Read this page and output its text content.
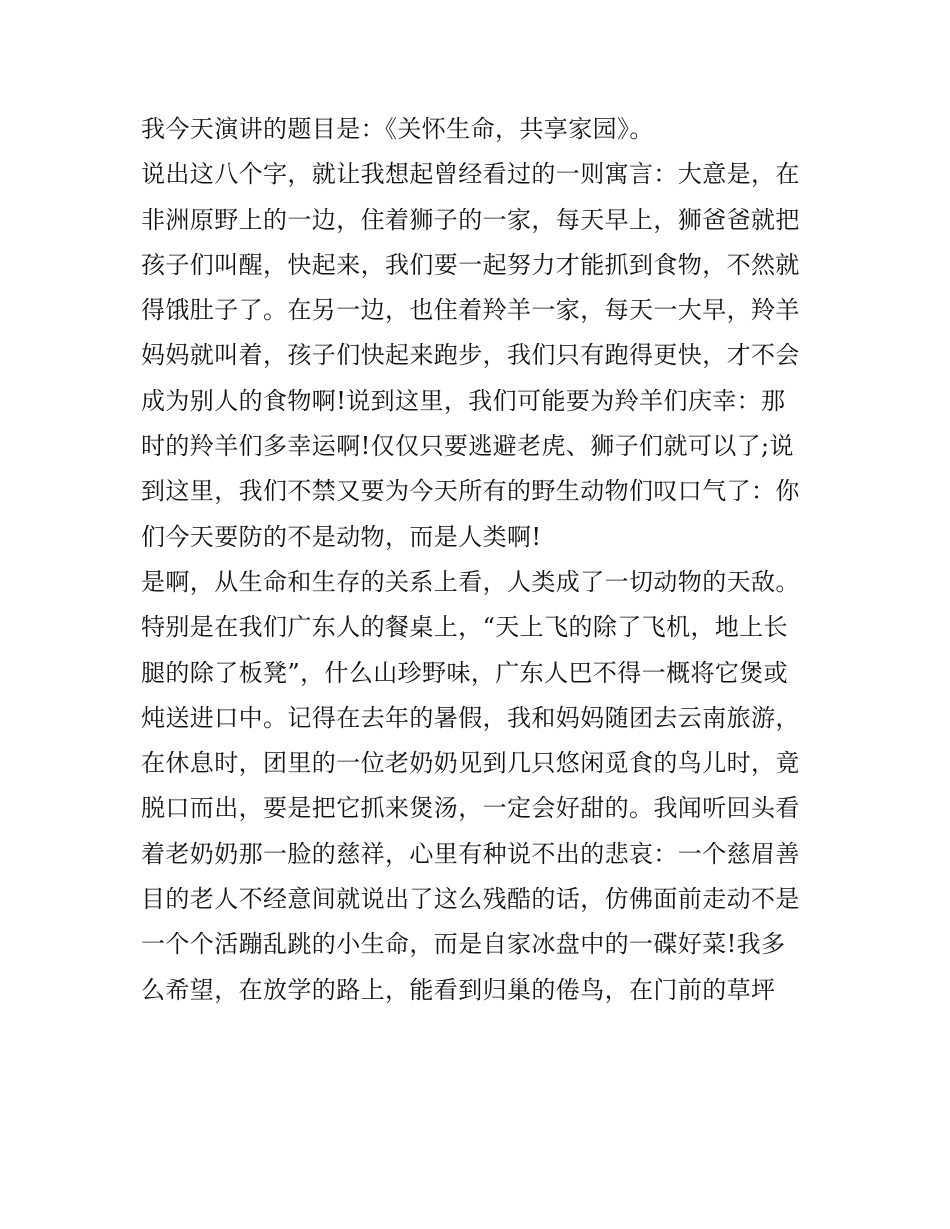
我今天演讲的题目是：《关怀生命，共享家园》。
说出这八个字，就让我想起曾经看过的一则寓言：大意是，在
非洲原野上的一边，住着狮子的一家，每天早上，狮爸爸就把
孩子们叫醒，快起来，我们要一起努力才能抓到食物，不然就
得饿肚子了。在另一边，也住着羚羊一家，每天一大早，羚羊
妈妈就叫着，孩子们快起来跑步，我们只有跑得更快，才不会
成为别人的食物啊!说到这里，我们可能要为羚羊们庆幸：那
时的羚羊们多幸运啊!仅仅只要逃避老虎、狮子们就可以了;说
到这里，我们不禁又要为今天所有的野生动物们叹口气了：你
们今天要防的不是动物，而是人类啊!
是啊，从生命和生存的关系上看，人类成了一切动物的天敌。
特别是在我们广东人的餐桌上，“天上飞的除了飞机，地上长
腿的除了板凳”，什么山珍野味，广东人巴不得一概将它煲或
炖送进口中。记得在去年的暑假，我和妈妈随团去云南旅游，
在休息时，团里的一位老奶奶见到几只悠闲觅食的鸟儿时，竟
脱口而出，要是把它抓来煲汤，一定会好甜的。我闻听回头看
着老奶奶那一脸的慈祥，心里有种说不出的悲哀：一个慈眉善
目的老人不经意间就说出了这么残酷的话，仿佛面前走动不是
一个个活蹦乱跳的小生命，而是自家冰盘中的一碟好菜!我多
么希望，在放学的路上，能看到归巢的倦鸟，在门前的草坪
